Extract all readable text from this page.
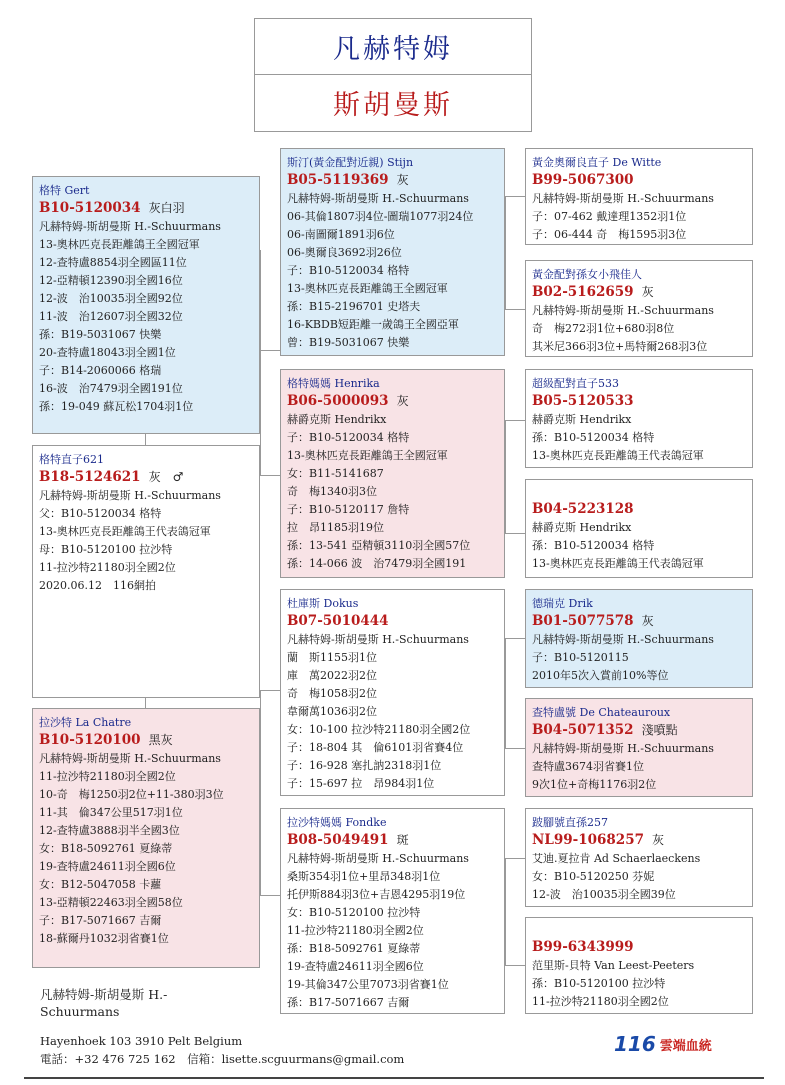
凡赫特姆
斯胡曼斯
格特 Gert
B10-5120034 灰白羽
凡赫特姆-斯胡曼斯 H.-Schuurmans
13-奧林匹克長距離鴿王全國冠軍
12-查特盧8854羽全國區11位
12-亞精頓12390羽全國16位
12-波　治10035羽全國92位
11-波　治12607羽全國32位
孫：B19-5031067 快樂
20-查特盧18043羽全國1位
子：B14-2060066 格瑞
16-波　治7479羽全國191位
孫：19-049 蘇瓦松1704羽1位
格特直子621
B18-5124621 灰　♂
凡赫特姆-斯胡曼斯 H.-Schuurmans
父：B10-5120034 格特
13-奧林匹克長距離鴿王代表鴿冠軍
母：B10-5120100 拉沙特
11-拉沙特21180羽全國2位
2020.06.12　116網拍
拉沙特 La Chatre
B10-5120100 黑灰
凡赫特姆-斯胡曼斯 H.-Schuurmans
11-拉沙特21180羽全國2位
10-奇　梅1250羽2位+11-380羽3位
11-其　倫347公里517羽1位
12-查特盧3888羽半全國3位
女：B18-5092761 夏綠蒂
19-查特盧24611羽全國6位
女：B12-5047058 卡蘿
13-亞精頓22463羽全國58位
子：B17-5071667 吉爾
18-蘇爾丹1032羽省賽1位
斯汀(黃金配對近親) Stijn
B05-5119369 灰
凡赫特姆-斯胡曼斯 H.-Schuurmans
06-其倫1807羽4位-圖瑞1077羽24位
06-南圖爾1891羽6位
06-奧爾良3692羽26位
子：B10-5120034 格特
13-奧林匹克長距離鴿王全國冠軍
孫：B15-2196701 史塔夫
16-KBDB短距離一歲鴿王全國亞軍
曾：B19-5031067 快樂
格特媽媽 Henrika
B06-5000093 灰
赫爵克斯 Hendrikx
子：B10-5120034 格特
13-奧林匹克長距離鴿王全國冠軍
女：B11-5141687
奇　梅1340羽3位
子：B10-5120117 詹特
拉　昂1185羽19位
孫：13-541 亞精頓3110羽全國57位
孫：14-066 波　治7479羽全國191
杜庫斯 Dokus
B07-5010444
凡赫特姆-斯胡曼斯 H.-Schuurmans
蘭　斯1155羽1位
庫　萬2022羽2位
奇　梅1058羽2位
韋爾萬1036羽2位
女：10-100 拉沙特21180羽全國2位
子：18-804 其　倫6101羽省賽4位
子：16-928 塞扎訥2318羽1位
子：15-697 拉　昂984羽1位
拉沙特媽媽 Fondke
B08-5049491 斑
凡赫特姆-斯胡曼斯 H.-Schuurmans
桑斯354羽1位+里昂348羽1位
托伊斯884羽3位+吉恩4295羽19位
女：B10-5120100 拉沙特
11-拉沙特21180羽全國2位
孫：B18-5092761 夏綠蒂
19-查特盧24611羽全國6位
19-其倫347公里7073羽省賽1位
孫：B17-5071667 吉爾
黃金奧爾良直子 De Witte
B99-5067300
凡赫特姆-斯胡曼斯 H.-Schuurmans
子：07-462 戴達理1352羽1位
子：06-444 奇　梅1595羽3位
黃金配對孫女小飛佳人
B02-5162659 灰
凡赫特姆-斯胡曼斯 H.-Schuurmans
奇　梅272羽1位+680羽8位
其米尼366羽3位+馬特爾268羽3位
超級配對直子533
B05-5120533
赫爵克斯 Hendrikx
孫：B10-5120034 格特
13-奧林匹克長距離鴿王代表鴿冠軍
B04-5223128
赫爵克斯 Hendrikx
孫：B10-5120034 格特
13-奧林匹克長距離鴿王代表鴿冠軍
德瑞克 Drik
B01-5077578 灰
凡赫特姆-斯胡曼斯 H.-Schuurmans
子：B10-5120115
2010年5次入賞前10%等位
查特盧號 De Chateauroux
B04-5071352 淺噴點
凡赫特姆-斯胡曼斯 H.-Schuurmans
查特盧3674羽省賽1位
9次1位+奇梅1176羽2位
跛腳號直孫257
NL99-1068257 灰
艾迪.夏拉肯 Ad Schaerlaeckens
女：B10-5120250 芬妮
12-波　治10035羽全國39位
B99-6343999
范里斯-貝特 Van Leest-Peeters
孫：B10-5120100 拉沙特
11-拉沙特21180羽全國2位
凡赫特姆-斯胡曼斯 H.-Schuurmans
Hayenhoek 103 3910 Pelt Belgium
電話：+32 476 725 162　信箱：lisette.scguurmans@gmail.com
116 雲端血統
